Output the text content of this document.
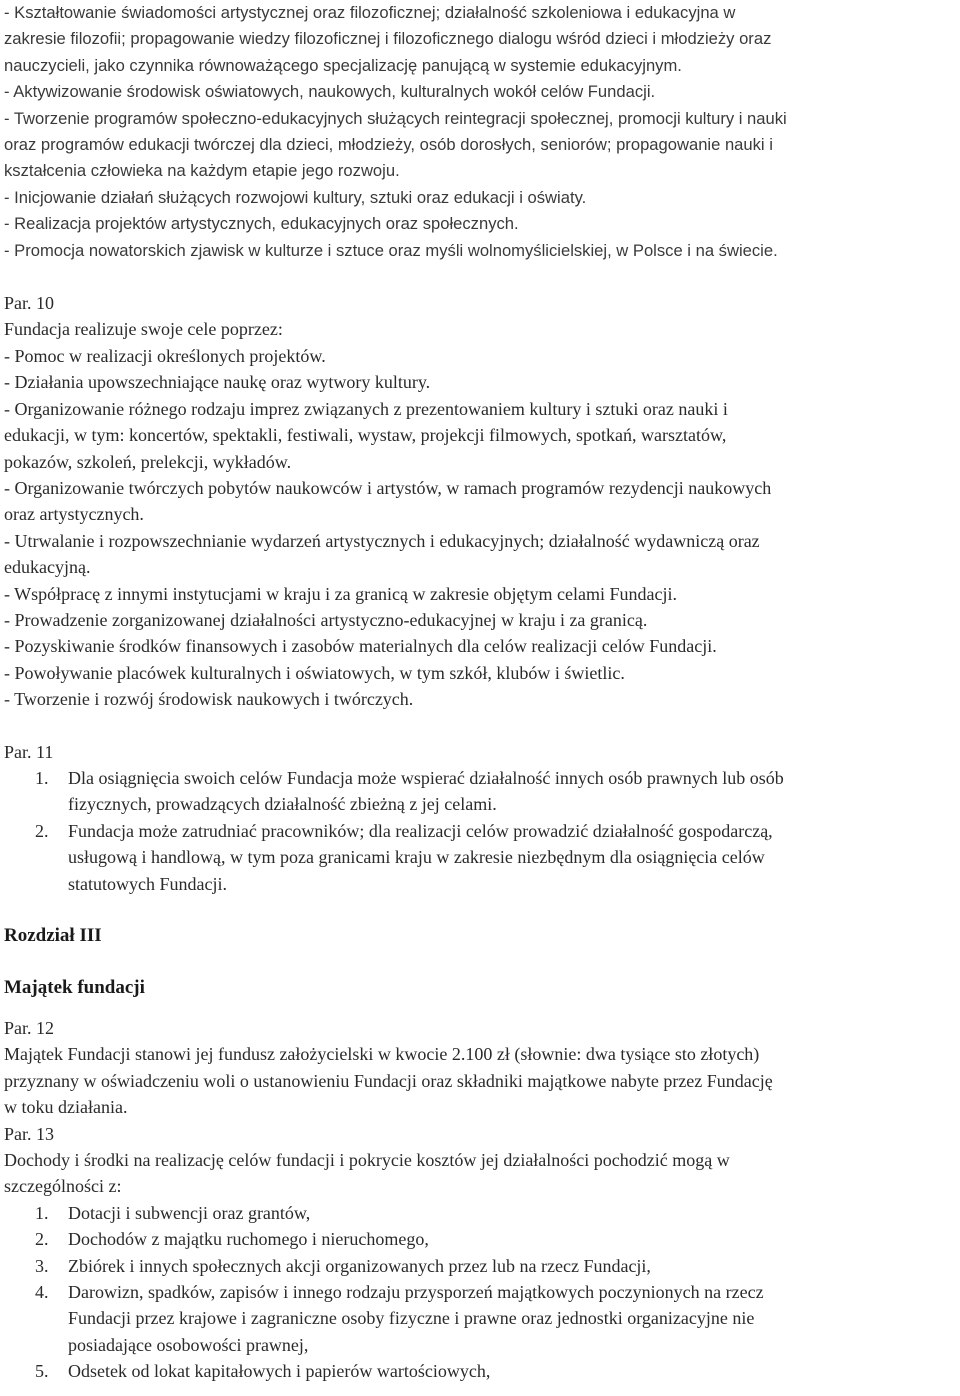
- Kształtowanie świadomości artystycznej oraz filozoficznej; działalność szkoleniowa i edukacyjna w
zakresie filozofii; propagowanie wiedzy filozoficznej i filozoficznego dialogu wśród dzieci i młodzieży oraz
nauczycieli, jako czynnika równoważącego specjalizację panującą w systemie edukacyjnym.
- Aktywizowanie środowisk oświatowych, naukowych, kulturalnych wokół celów Fundacji.
- Tworzenie programów społeczno-edukacyjnych służących reintegracji społecznej, promocji kultury i nauki
oraz programów edukacji twórczej dla dzieci, młodzieży, osób dorosłych, seniorów; propagowanie nauki i
kształcenia człowieka na każdym etapie jego rozwoju.
- Inicjowanie działań służących rozwojowi kultury, sztuki oraz edukacji i oświaty.
- Realizacja projektów artystycznych, edukacyjnych oraz społecznych.
- Promocja nowatorskich zjawisk w kulturze i sztuce oraz myśli wolnomyślicielskiej, w Polsce i na świecie.
Par. 10
Fundacja realizuje swoje cele poprzez:
- Pomoc w realizacji określonych projektów.
- Działania upowszechniające naukę oraz wytwory kultury.
- Organizowanie różnego rodzaju imprez związanych z prezentowaniem kultury i sztuki oraz nauki i
edukacji, w tym: koncertów, spektakli, festiwali, wystaw, projekcji filmowych, spotkań, warsztatów,
pokazów, szkoleń, prelekcji, wykładów.
- Organizowanie twórczych pobytów naukowców i artystów, w ramach programów rezydencji naukowych
oraz artystycznych.
- Utrwalanie i rozpowszechnianie wydarzeń artystycznych i edukacyjnych; działalność wydawniczą oraz
edukacyjną.
- Współpracę z innymi instytucjami w kraju i za granicą w zakresie objętym celami Fundacji.
- Prowadzenie zorganizowanej działalności artystyczno-edukacyjnej w kraju i za granicą.
- Pozyskiwanie środków finansowych i zasobów materialnych dla celów realizacji celów Fundacji.
- Powoływanie placówek kulturalnych i oświatowych, w tym szkół, klubów i świetlic.
- Tworzenie i rozwój środowisk naukowych i twórczych.
Par. 11
1. Dla osiągnięcia swoich celów Fundacja może wspierać działalność innych osób prawnych lub osób
fizycznych, prowadzących działalność zbieżną z jej celami.
2. Fundacja może zatrudniać pracowników; dla realizacji celów prowadzić działalność gospodarczą,
usługową i handlową, w tym poza granicami kraju w zakresie niezbędnym dla osiągnięcia celów
statutowych Fundacji.
Rozdział III
Majątek fundacji
Par. 12
Majątek Fundacji stanowi jej fundusz założycielski w kwocie 2.100 zł (słownie: dwa tysiące sto złotych)
przyznany w oświadczeniu woli o ustanowieniu Fundacji oraz składniki majątkowe nabyte przez Fundację
w toku działania.
Par. 13
Dochody i środki na realizację celów fundacji i pokrycie kosztów jej działalności pochodzić mogą w
szczególności z:
1. Dotacji i subwencji oraz grantów,
2. Dochodów z majątku ruchomego i nieruchomego,
3. Zbiórek i innych społecznych akcji organizowanych przez lub na rzecz Fundacji,
4. Darowizn, spadków, zapisów i innego rodzaju przysporzeń majątkowych poczynionych na rzecz
Fundacji przez krajowe i zagraniczne osoby fizyczne i prawne oraz jednostki organizacyjne nie
posiadające osobowości prawnej,
5. Odsetek od lokat kapitałowych i papierów wartościowych,
